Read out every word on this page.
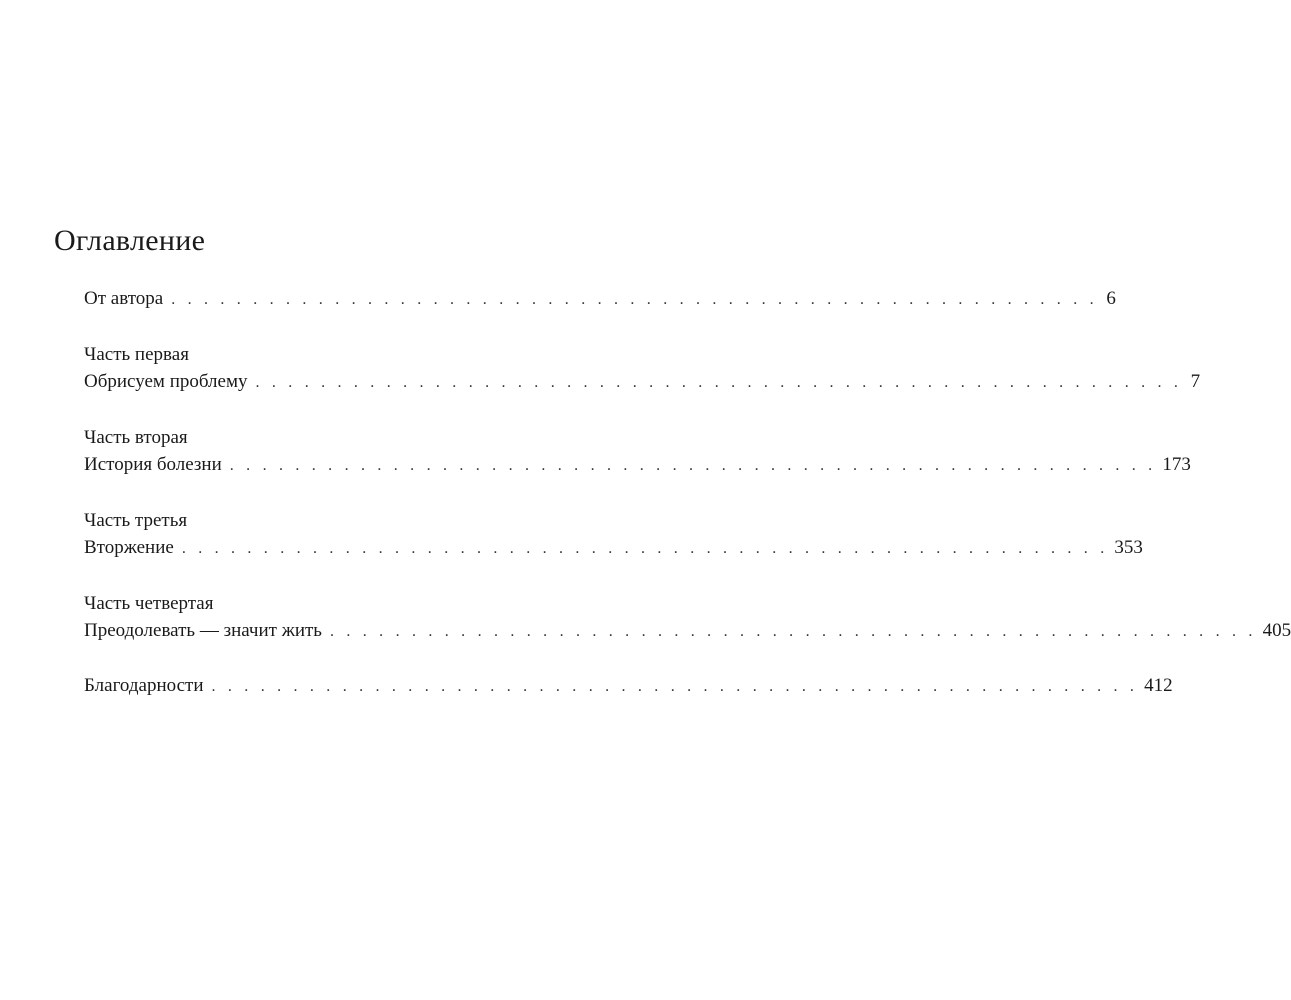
Оглавление
От автора . . . . . . . . . . . . . . . . . . . . . . . . . . . . . . . . . . . . . . . . . . . . . . . . . . . . . . . . . 6
Часть первая
Обрисуем проблему . . . . . . . . . . . . . . . . . . . . . . . . . . . . . . . . . . . . . . . . . . . . . . . . . . . . . . . . . 7
Часть вторая
История болезни . . . . . . . . . . . . . . . . . . . . . . . . . . . . . . . . . . . . . . . . . . . . . . . . . . . . . . . . . 173
Часть третья
Вторжение . . . . . . . . . . . . . . . . . . . . . . . . . . . . . . . . . . . . . . . . . . . . . . . . . . . . . . . . . 353
Часть четвертая
Преодолевать — значит жить . . . . . . . . . . . . . . . . . . . . . . . . . . . . . . . . . . . . . . . . . . . . . . . . . . . . . . . . . 405
Благодарности . . . . . . . . . . . . . . . . . . . . . . . . . . . . . . . . . . . . . . . . . . . . . . . . . . . . . . . . . 412
